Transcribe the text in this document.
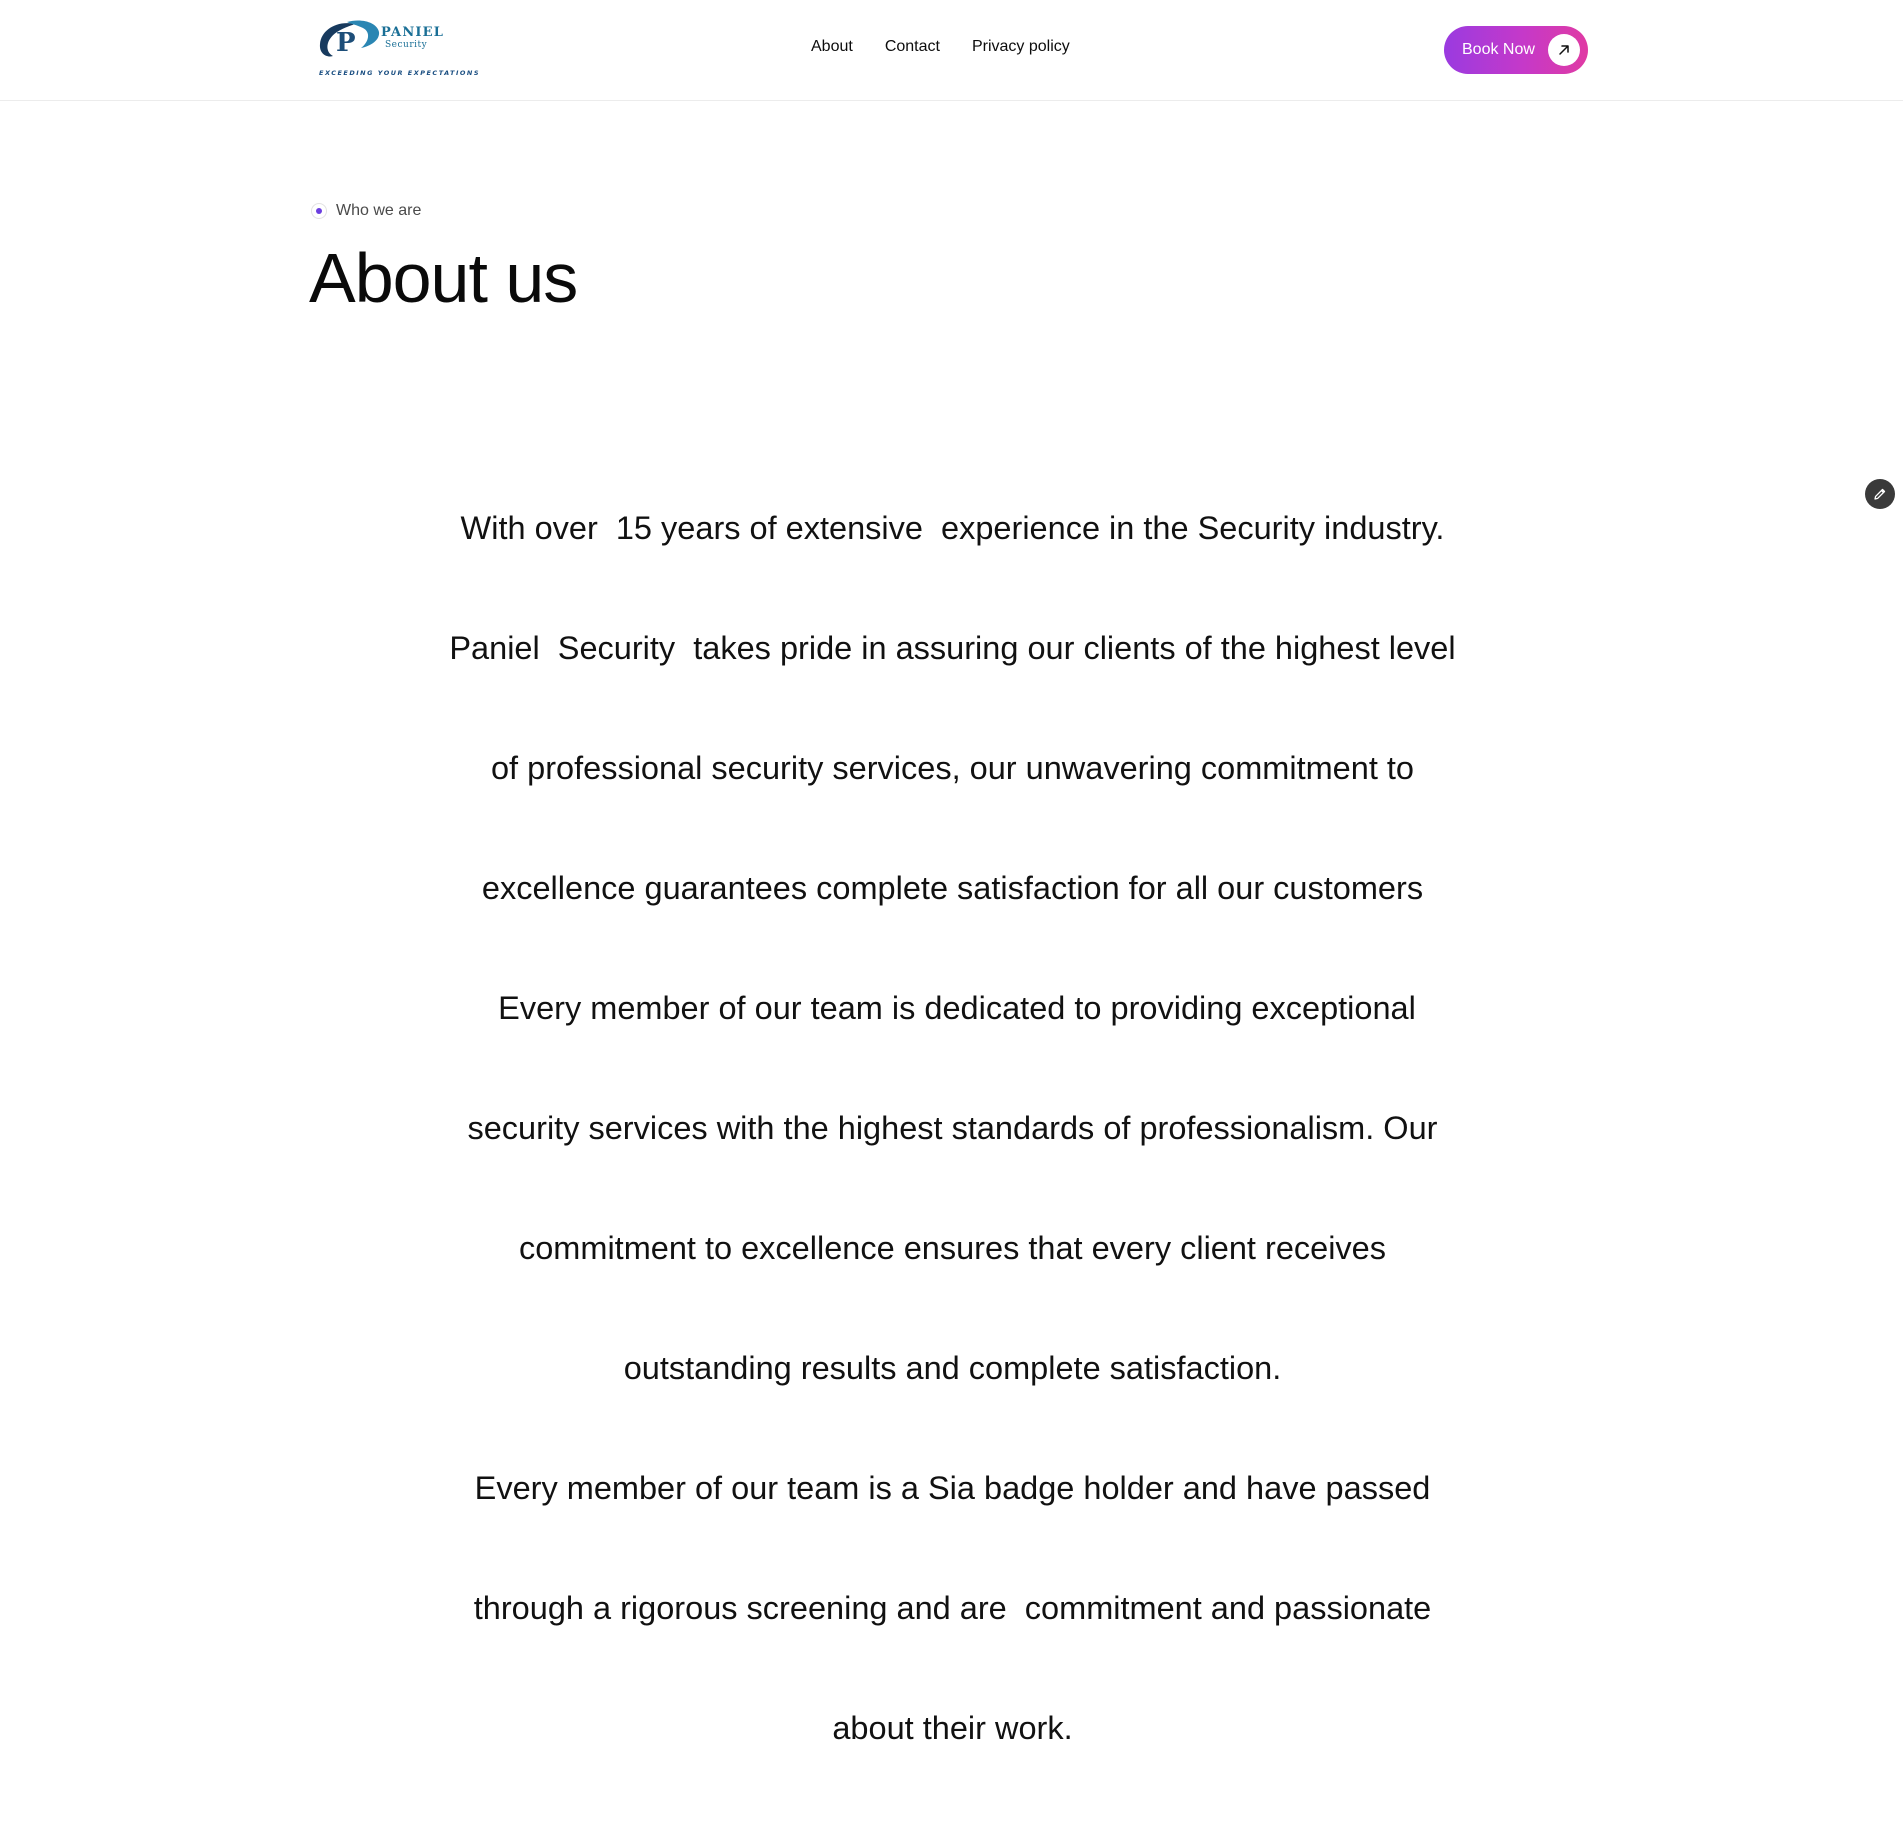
P PANIEL
Security
EXCEEDING YOUR EXPECTATIONS
About Contact Privacy policy	Book Now
Who we are
About us

With over  15 years of extensive  experience in the Security industry.

Paniel  Security  takes pride in assuring our clients of the highest level

of professional security services, our unwavering commitment to

excellence guarantees complete satisfaction for all our customers

Every member of our team is dedicated to providing exceptional

security services with the highest standards of professionalism. Our

commitment to excellence ensures that every client receives

outstanding results and complete satisfaction.

Every member of our team is a Sia badge holder and have passed

through a rigorous screening and are  commitment and passionate

about their work.
